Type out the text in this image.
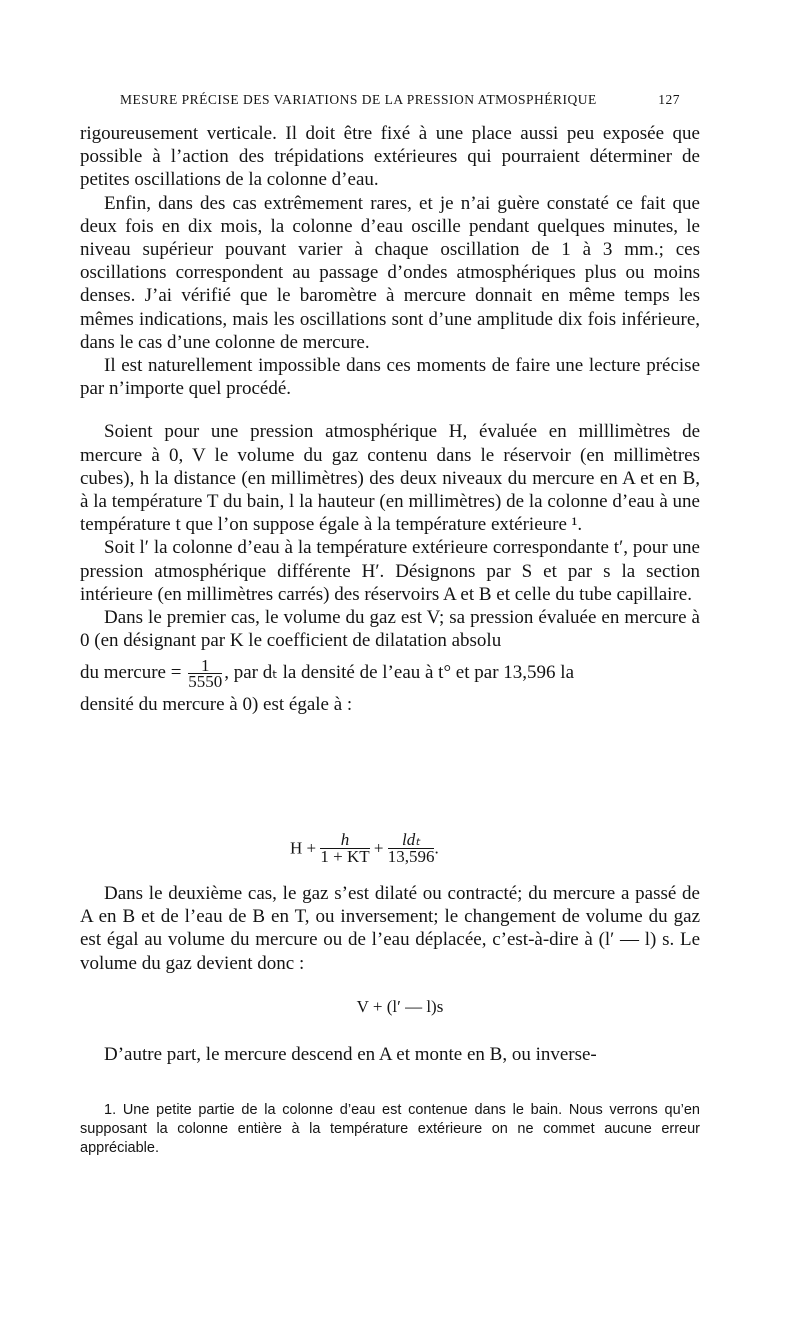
MESURE PRÉCISE DES VARIATIONS DE LA PRESSION ATMOSPHÉRIQUE	127

rigoureusement verticale. Il doit être fixé à une place aussi peu exposée que possible à l’action des trépidations extérieures qui pourraient déterminer de petites oscillations de la colonne d’eau.

Enfin, dans des cas extrêmement rares, et je n’ai guère constaté ce fait que deux fois en dix mois, la colonne d’eau oscille pendant quelques minutes, le niveau supérieur pouvant varier à chaque oscillation de 1 à 3 mm.; ces oscillations correspondent au passage d’ondes atmosphériques plus ou moins denses. J’ai vérifié que le baromètre à mercure donnait en même temps les mêmes indications, mais les oscillations sont d’une amplitude dix fois inférieure, dans le cas d’une colonne de mercure.

Il est naturellement impossible dans ces moments de faire une lecture précise par n’importe quel procédé.

Soient pour une pression atmosphérique H, évaluée en milllimètres de mercure à 0, V le volume du gaz contenu dans le réservoir (en millimètres cubes), h la distance (en millimètres) des deux niveaux du mercure en A et en B, à la température T du bain, l la hauteur (en millimètres) de la colonne d’eau à une température t que l’on suppose égale à la température extérieure ¹.

Soit l′ la colonne d’eau à la température extérieure correspondante t′, pour une pression atmosphérique différente H′. Désignons par S et par s la section intérieure (en millimètres carrés) des réservoirs A et B et celle du tube capillaire.

Dans le premier cas, le volume du gaz est V; sa pression évaluée en mercure à 0 (en désignant par K le coefficient de dilatation absolu

du mercure = $\frac{1}{5550}$ , par dₜ la densité de l’eau à t° et par 13,596 la

densité du mercure à 0) est égale à :

$H + \frac{h}{1 + KT} + \frac{\text{ldₜ}}{13,596}$ .

Dans le deuxième cas, le gaz s’est dilaté ou contracté; du mercure a passé de A en B et de l’eau de B en T, ou inversement; le changement de volume du gaz est égal au volume du mercure ou de l’eau déplacée, c’est-à-dire à (l′ — l) s. Le volume du gaz devient donc :

V + (l′ — l)s

D’autre part, le mercure descend en A et monte en B, ou inverse-

1. Une petite partie de la colonne d’eau est contenue dans le bain. Nous verrons qu’en supposant la colonne entière à la température extérieure on ne commet aucune erreur appréciable.
